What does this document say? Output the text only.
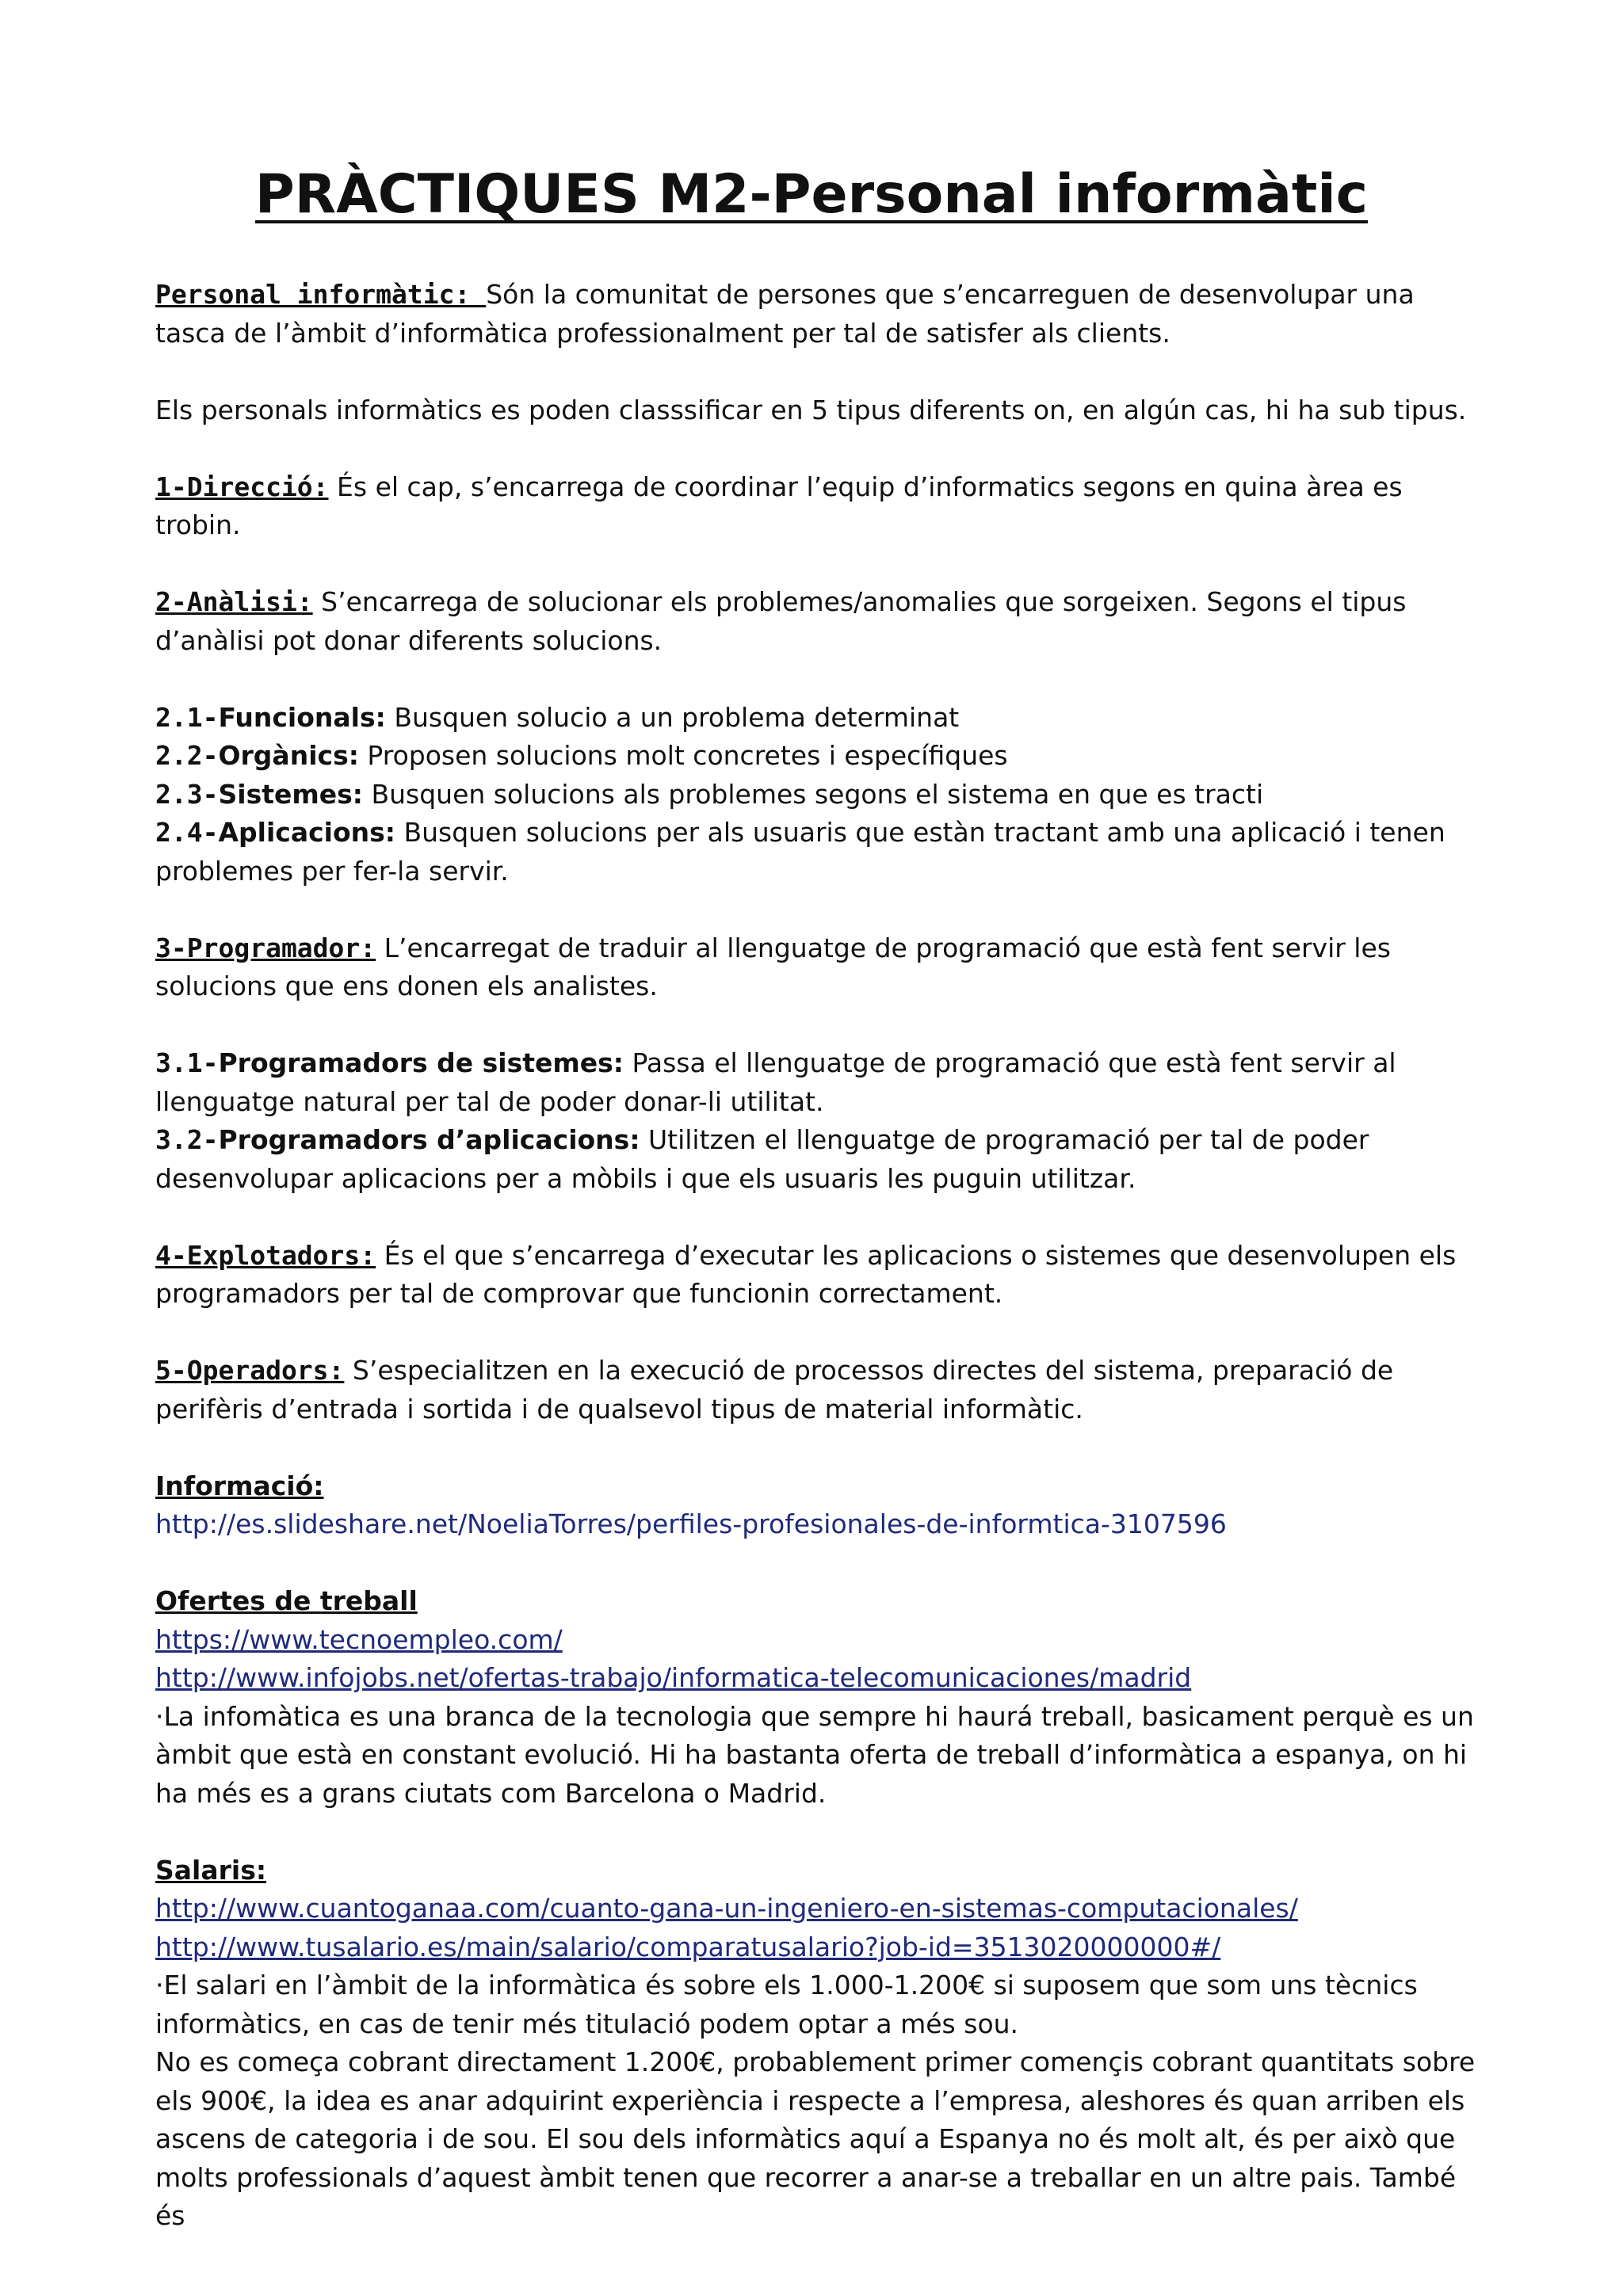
PRÀCTIQUES M2-Personal informàtic

Personal informàtic: Són la comunitat de persones que s’encarreguen de desenvolupar una tasca de l’àmbit d’informàtica professionalment per tal de satisfer als clients.

Els personals informàtics es poden classsificar en 5 tipus diferents on, en algún cas, hi ha sub tipus.

1-Direcció: És el cap, s’encarrega de coordinar l’equip d’informatics segons en quina àrea es trobin.

2-Anàlisi: S’encarrega de solucionar els problemes/anomalies que sorgeixen. Segons el tipus d’anàlisi pot donar diferents solucions.

2.1-Funcionals: Busquen solucio a un problema determinat

2.2-Orgànics: Proposen solucions molt concretes i específiques

2.3-Sistemes: Busquen solucions als problemes segons el sistema en que es tracti

2.4-Aplicacions: Busquen solucions per als usuaris que estàn tractant amb una aplicació i tenen problemes per fer-la servir.

3-Programador: L’encarregat de traduir al llenguatge de programació que està fent servir les solucions que ens donen els analistes.

3.1-Programadors de sistemes: Passa el llenguatge de programació que està fent servir al llenguatge natural per tal de poder donar-li utilitat.

3.2-Programadors d’aplicacions: Utilitzen el llenguatge de programació per tal de poder desenvolupar aplicacions per a mòbils i que els usuaris les puguin utilitzar.

4-Explotadors: És el que s’encarrega d’executar les aplicacions o sistemes que desenvolupen els programadors per tal de comprovar que funcionin correctament.

5-Operadors: S’especialitzen en la execució de processos directes del sistema, preparació de perifèris d’entrada i sortida i de qualsevol tipus de material informàtic.

Informació:

http://es.slideshare.net/NoeliaTorres/perfiles-profesionales-de-informtica-3107596

Ofertes de treball

https://www.tecnoempleo.com/

http://www.infojobs.net/ofertas-trabajo/informatica-telecomunicaciones/madrid

·La infomàtica es una branca de la tecnologia que sempre hi haurá treball, basicament perquè es un àmbit que està en constant evolució. Hi ha bastanta oferta de treball d’informàtica a espanya, on hi ha més es a grans ciutats com Barcelona o Madrid.

Salaris:

http://www.cuantoganaa.com/cuanto-gana-un-ingeniero-en-sistemas-computacionales/

http://www.tusalario.es/main/salario/comparatusalario?job-id=3513020000000#/

·El salari en l’àmbit de la informàtica és sobre els 1.000-1.200€ si suposem que som uns tècnics informàtics, en cas de tenir més titulació podem optar a més sou.

No es começa cobrant directament 1.200€, probablement primer començis cobrant quantitats sobre els 900€, la idea es anar adquirint experiència i respecte a l’empresa, aleshores és quan arriben els ascens de categoria i de sou. El sou dels informàtics aquí a Espanya no és molt alt, és per això que molts professionals d’aquest àmbit tenen que recorrer a anar-se a treballar en un altre pais. També és
